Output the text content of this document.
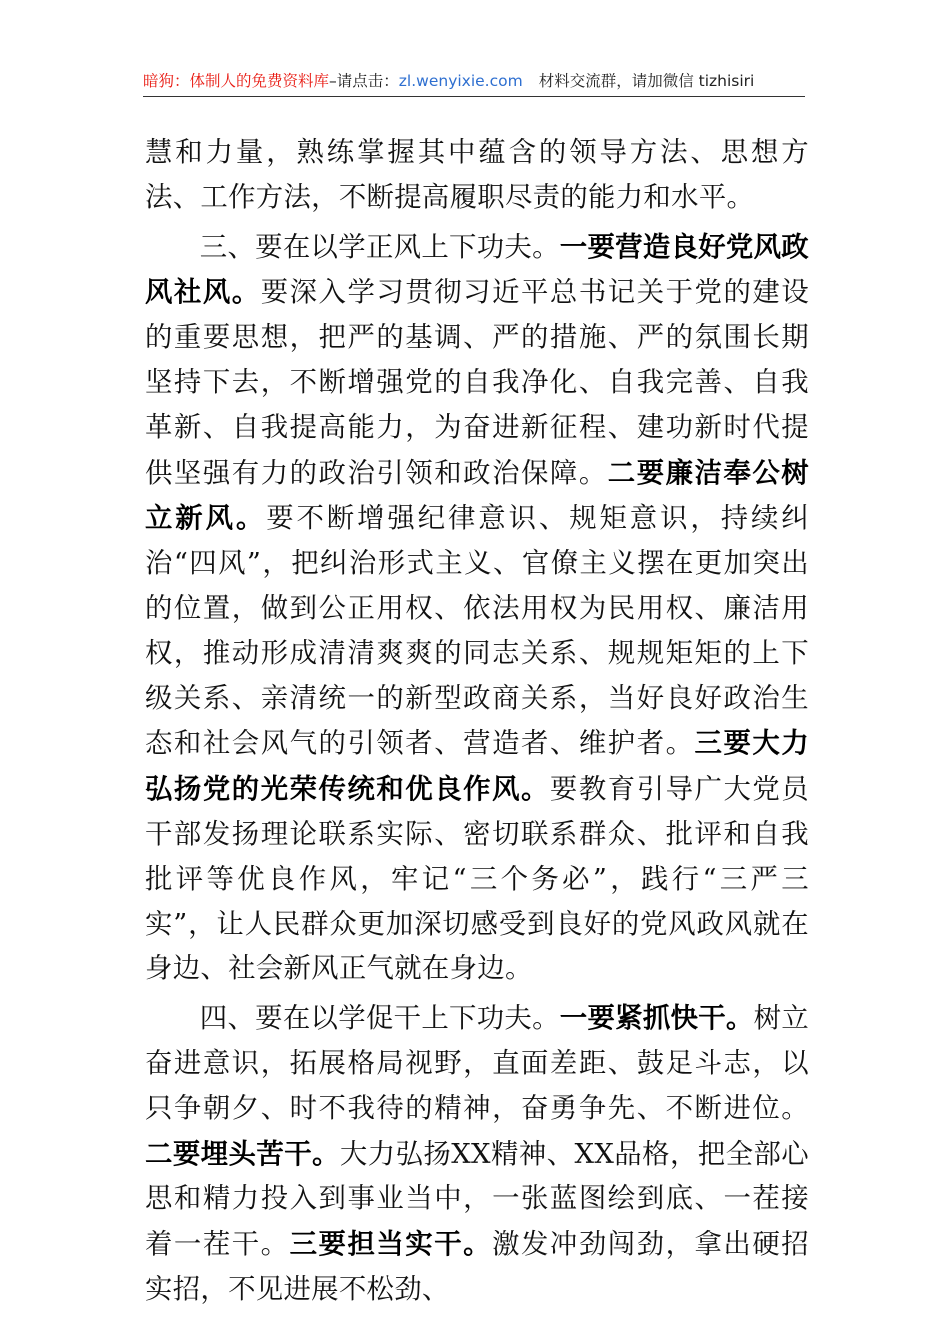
暗狗：体制人的免费资料库–请点击：zl.wenyixie.com 材料交流群，请加微信 tizhisiri

慧和力量，熟练掌握其中蕴含的领导方法、思想方法、工作方法，不断提高履职尽责的能力和水平。

三、要在以学正风上下功夫。一要营造良好党风政风社风。要深入学习贯彻习近平总书记关于党的建设的重要思想，把严的基调、严的措施、严的氛围长期坚持下去，不断增强党的自我净化、自我完善、自我革新、自我提高能力，为奋进新征程、建功新时代提供坚强有力的政治引领和政治保障。二要廉洁奉公树立新风。要不断增强纪律意识、规矩意识，持续纠治“四风”，把纠治形式主义、官僚主义摆在更加突出的位置，做到公正用权、依法用权为民用权、廉洁用权，推动形成清清爽爽的同志关系、规规矩矩的上下级关系、亲清统一的新型政商关系，当好良好政治生态和社会风气的引领者、营造者、维护者。三要大力弘扬党的光荣传统和优良作风。要教育引导广大党员干部发扬理论联系实际、密切联系群众、批评和自我批评等优良作风，牢记“三个务必”，践行“三严三实”，让人民群众更加深切感受到良好的党风政风就在身边、社会新风正气就在身边。

四、要在以学促干上下功夫。一要紧抓快干。树立奋进意识，拓展格局视野，直面差距、鼓足斗志，以只争朝夕、时不我待的精神，奋勇争先、不断进位。二要埋头苦干。大力弘扬XX精神、XX品格，把全部心思和精力投入到事业当中，一张蓝图绘到底、一茬接着一茬干。三要担当实干。激发冲劲闯劲，拿出硬招实招，不见进展不松劲、
